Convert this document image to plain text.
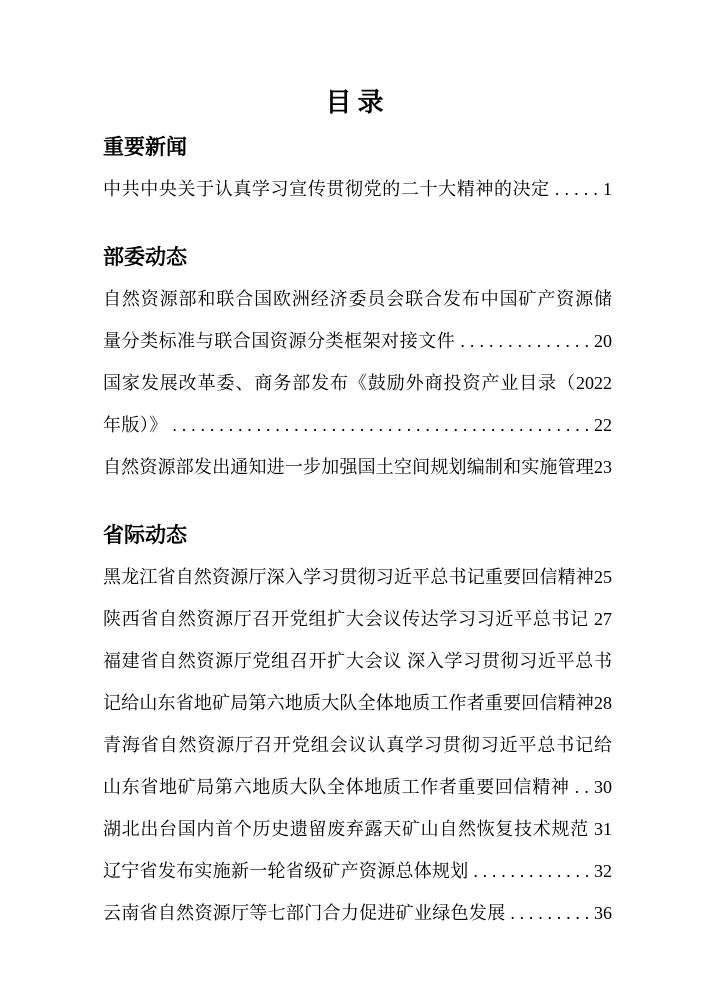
目录
重要新闻
中共中央关于认真学习宣传贯彻党的二十大精神的决定 . . . . . 1
部委动态
自然资源部和联合国欧洲经济委员会联合发布中国矿产资源储
量分类标准与联合国资源分类框架对接文件 . . . . . . . . . . . . . . 20
国家发展改革委、商务部发布《鼓励外商投资产业目录（2022
年版）》 . . . . . . . . . . . . . . . . . . . . . . . . . . . . . . . . . . . . . . . . . . . . . 22
自然资源部发出通知进一步加强国土空间规划编制和实施管理23
省际动态
黑龙江省自然资源厅深入学习贯彻习近平总书记重要回信精神25
陕西省自然资源厅召开党组扩大会议传达学习习近平总书记 27
福建省自然资源厅党组召开扩大会议 深入学习贯彻习近平总书
记给山东省地矿局第六地质大队全体地质工作者重要回信精神28
青海省自然资源厅召开党组会议认真学习贯彻习近平总书记给
山东省地矿局第六地质大队全体地质工作者重要回信精神 . . 30
湖北出台国内首个历史遗留废弃露天矿山自然恢复技术规范 31
辽宁省发布实施新一轮省级矿产资源总体规划 . . . . . . . . . . . . . 32
云南省自然资源厅等七部门合力促进矿业绿色发展 . . . . . . . . . 36
